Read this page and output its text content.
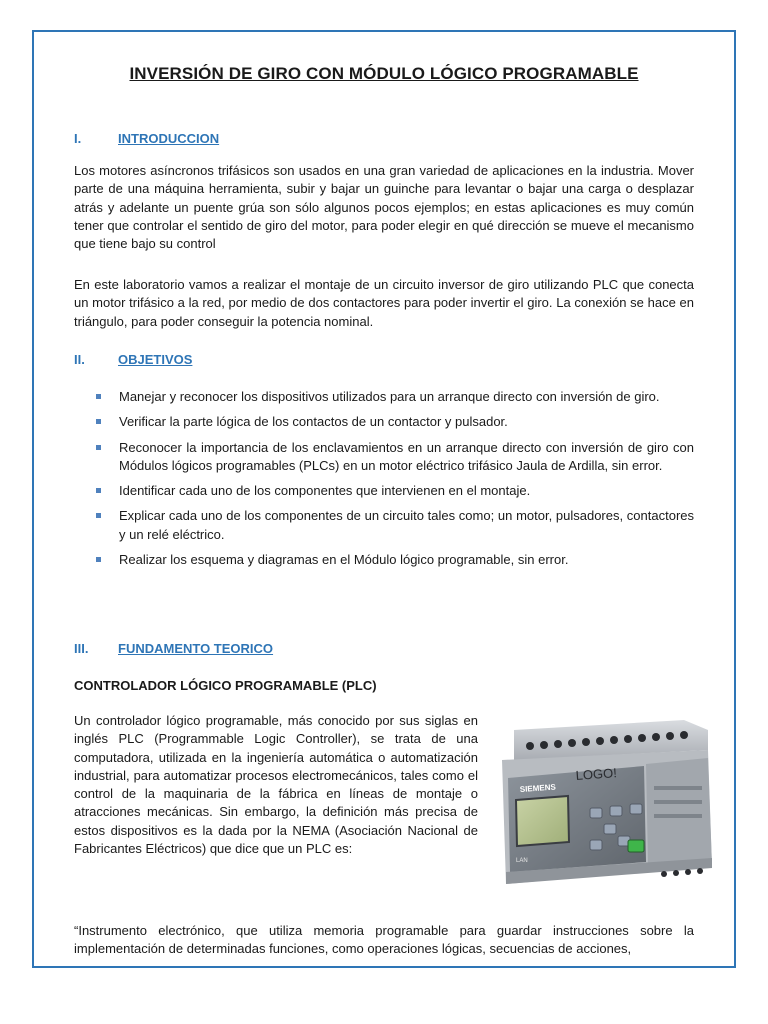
INVERSIÓN DE GIRO CON MÓDULO LÓGICO PROGRAMABLE
I.	INTRODUCCION

Los motores asíncronos trifásicos son usados en una gran variedad de aplicaciones en la industria. Mover parte de una máquina herramienta, subir y bajar un guinche para levantar o bajar una carga o desplazar atrás y adelante un puente grúa son sólo algunos pocos ejemplos; en estas aplicaciones es muy común tener que controlar el sentido de giro del motor, para poder elegir en qué dirección se mueve el mecanismo que tiene bajo su control

En este laboratorio vamos a realizar el montaje de un circuito inversor de giro utilizando PLC que conecta un motor trifásico a la red, por medio de dos contactores para poder invertir el giro. La conexión se hace en triángulo, para poder conseguir la potencia nominal.

II.	OBJETIVOS
Manejar y reconocer los dispositivos utilizados para un arranque directo con inversión de giro.
Verificar la parte lógica de los contactos de un contactor y pulsador.
Reconocer la importancia de los enclavamientos en un arranque directo con inversión de giro con Módulos lógicos programables (PLCs) en un motor eléctrico trifásico Jaula de Ardilla, sin error.
Identificar cada uno de los componentes que intervienen en el montaje.
Explicar cada uno de los componentes de un circuito tales como; un motor, pulsadores, contactores y un relé eléctrico.
Realizar los esquema y diagramas en el Módulo lógico programable, sin error.
III. FUNDAMENTO TEORICO
CONTROLADOR LÓGICO PROGRAMABLE (PLC)

Un controlador lógico programable, más conocido por sus siglas en inglés PLC (Programmable Logic Controller), se trata de una computadora, utilizada en la ingeniería automática o automatización industrial, para automatizar procesos electromecánicos, tales como el control de la maquinaria de la fábrica en líneas de montaje o atracciones mecánicas. Sin embargo, la definición más precisa de estos dispositivos es la dada por la NEMA (Asociación Nacional de Fabricantes Eléctricos) que dice que un PLC es:

SIEMENS
LOGO!
LAN

“Instrumento electrónico, que utiliza memoria programable para guardar instrucciones sobre la implementación de determinadas funciones, como operaciones lógicas, secuencias de acciones,
